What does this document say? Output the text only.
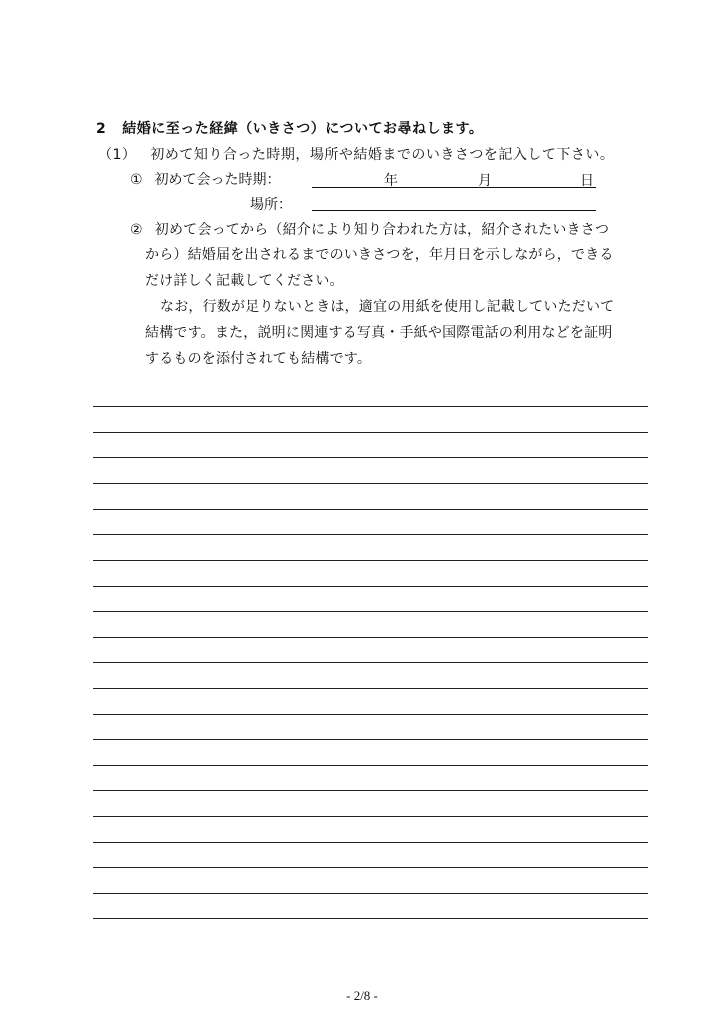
2 結婚に至った経緯（いきさつ）についてお尋ねします。
（1） 初めて知り合った時期，場所や結婚までのいきさつを記入して下さい。
① 初めて会った時期：	年	月	日
場所：
② 初めて会ってから（紹介により知り合われた方は，紹介されたいきさつ
から）結婚届を出されるまでのいきさつを，年月日を示しながら，できる
だけ詳しく記載してください。
なお，行数が足りないときは，適宜の用紙を使用し記載していただいて
結構です。また，説明に関連する写真・手紙や国際電話の利用などを証明
するものを添付されても結構です。
- 2/8 -
